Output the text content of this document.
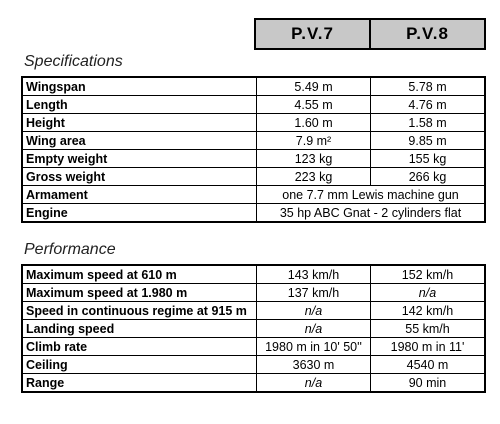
P.V.7	P.V.8
Specifications
Wingspan	5.49 m	5.78 m
Length	4.55 m	4.76 m
Height	1.60 m	1.58 m
Wing area	7.9 m²	9.85 m
Empty weight	123 kg	155 kg
Gross weight	223 kg	266 kg
Armament	one 7.7 mm Lewis machine gun	
Engine	35 hp ABC Gnat - 2 cylinders flat	
Performance
Maximum speed at 610 m	143 km/h	152 km/h
Maximum speed at 1.980 m	137 km/h	n/a
Speed in continuous regime at 915 m	n/a	142 km/h
Landing speed	n/a	55 km/h
Climb rate	1980 m in 10' 50''	1980 m in 11'
Ceiling	3630 m	4540 m
Range	n/a	90 min
